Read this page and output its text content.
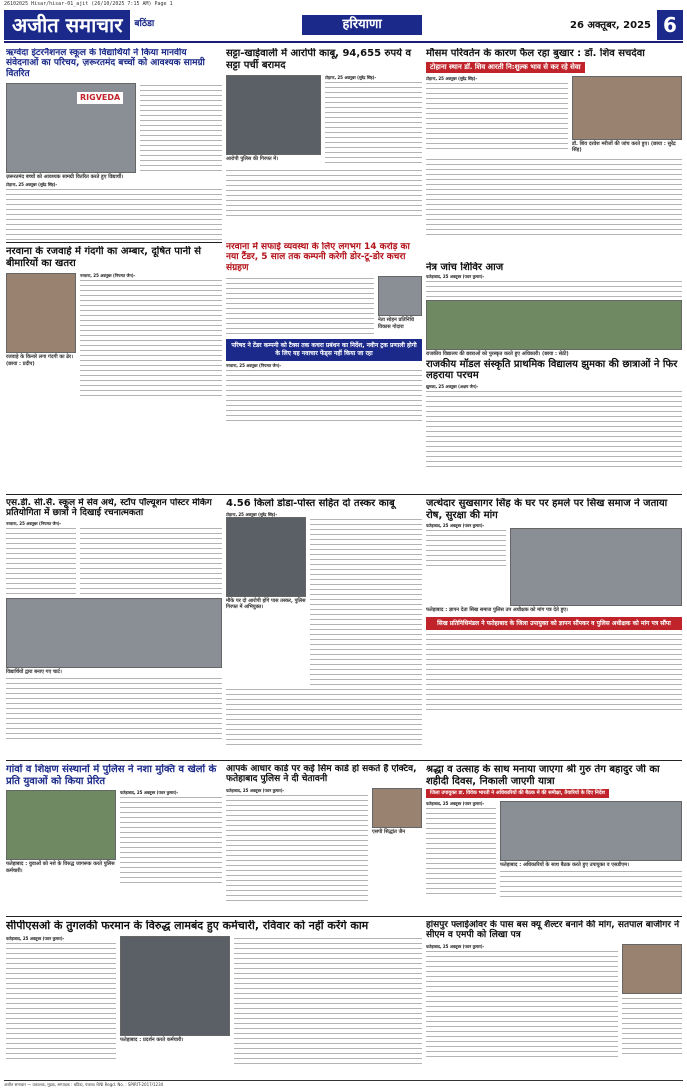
26102025 Hisar/hisar-01_ajit (26/10/2025 7:15 AM) Page 1
अजीत समाचार	बठिंडा	हरियाणा	26 अक्तूबर, 2025 6
ऋग्वेदा इंटरनैशनल स्कूल के विद्यार्थियों ने किया मानवीय संवेदनाओं का परिचय, ज़रूरतमंद बच्चों को आवश्यक सामग्री वितरित
RIGVEDA
ज़रूरतमंद बच्चों को आवश्यक सामग्री वितरित करते हुए विद्यार्थी।
टोहाना, 25 अक्तूबर (सुरेंद्र सिंह)-
नरवाना के रजवाहे में गंदगी का अम्बार, दूषित पानी से बीमारियों का खतरा
रजवाहे के किनारे लगा गंदगी का ढेर। (छाया : प्रदीप)
नरवाना, 25 अक्तूबर (नियमत जैन)-
सट्टा-खाईवाली में आरोपी काबू, 94,655 रुपये व सट्टा पर्ची बरामद
आरोपी पुलिस की गिरफ्त में।
टोहाना, 25 अक्तूबर (सुरेंद्र सिंह)-
नरवाना में सफाई व्यवस्था के लिए लगभग 14 करोड़ का नया टैंडर, 5 साल तक कम्पनी करेगी डोर-टू-डोर कचरा संग्रहण
नेता सोहन प्रतिनिधि विकास गोदारा
परिषद ने टेंडर कम्पनी को टैक्स तक कचरा प्रबंधन का निर्देश, नवीन ट्रक प्रणाली होगी के लिए यह नवाचार फेंड्स नहीं किया जा रहा
नरवाना, 25 अक्तूबर (नियमत जैन)-
मौसम परिवर्तन के कारण फैल रहा बुखार : डॉ. शिव सचदेवा
टोहाना स्थान डॉ. शिव आरती नि:शुल्क भाव से कर रहे सेवा
टोहाना, 25 अक्तूबर (सुरेंद्र सिंह)-
डॉ. शिव दरवेश मरीजों की जांच करते हुए। (छाया : सुरेंद्र सिंह)
नेत्र जांच शिविर आज
फतेहाबाद, 25 अक्तूबर (पवन कुमार)-
राजकीय विद्यालय की छात्राओं को पुरस्कृत करते हुए अधिकारी। (छाया : सेठी)
राजकीय मॉडल संस्कृति प्राथमिक विद्यालय झुमका की छात्राओं ने फिर लहराया परचम
झुमका, 25 अक्तूबर (अक्षय जैन)-
एस.डी. सी.सै. स्कूल में सेव अर्थ, स्टॉप पॉल्यूशन पोस्टर मेकिंग प्रतियोगिता में छात्रों ने दिखाई रचनात्मकता
नरवाना, 25 अक्तूबर (नियमत जैन)-
विद्यार्थियों द्वारा बनाए गए चार्ट।
4.56 किलो डोडा-पोस्त सहित दो तस्कर काबू
टोहाना, 25 अक्तूबर (सुरेंद्र सिंह)-
मौके पर दो आरोपी होंगे पास तस्कर, पुलिस गिरफ्त में अभियुक्त।
जत्थेदार सुखसागर सिंह के घर पर हमले पर सिख समाज ने जताया रोष, सुरक्षा की मांग
फतेहाबाद, 25 अक्तूबर (पवन कुमार)-
फतेहाबाद : ज्ञापन देता सिख समाज पुलिस उप अधीक्षक को मांग पत्र देते हुए।
सिख प्रतिनिधिमंडल ने फतेहाबाद के जिला उपायुक्त को ज्ञापन सौंपकर व पुलिस अधीक्षक को मांग पत्र सौंपा
गांवों व शिक्षण संस्थानों में पुलिस ने नशा मुक्ति व खेलों के प्रति युवाओं को किया प्रेरित
फतेहाबाद : युवाओं को नशे के विरुद्ध जागरूक करते पुलिस कर्मचारी।
फतेहाबाद, 25 अक्तूबर (पवन कुमार)-
आपके आधार कार्ड पर कई सिम कार्ड हो सकते हैं एक्टिव, फतेहाबाद पुलिस ने दी चेतावनी
फतेहाबाद, 25 अक्तूबर (पवन कुमार)-
एसपी सिद्धांत जैन
श्रद्धा व उत्साह के साथ मनाया जाएगा श्री गुरु तेग बहादुर जी का शहीदी दिवस, निकाली जाएगी यात्रा
जिला उपायुक्त डा. विवेक भारती ने अधिकारियों की बैठक में की समीक्षा, तैयारियों के दिए निर्देश
फतेहाबाद, 25 अक्तूबर (पवन कुमार)-
फतेहाबाद : अधिकारियों के साथ बैठक करते हुए उपायुक्त व एसडीएम।
सीपीएसओ के तुगलकी फरमान के विरुद्ध लामबंद हुए कर्मचारी, रविवार को नहीं करेंगे काम
फतेहाबाद, 25 अक्तूबर (पवन कुमार)-
फतेहाबाद : प्रदर्शन करते कर्मचारी।
हांसपुर फ्लाईओवर के पास बस क्यू शैल्टर बनाने की मांग, सतपाल बाजीगर ने सीएम व एमपी को लिखा पत्र
फतेहाबाद, 25 अक्तूबर (पवन कुमार)-
अजीत समाचार — प्रकाशक, मुद्रक, सम्पादक : बठिंडा, पंजाब। RNI Regd. No. : SPIRIT-2017/1234
